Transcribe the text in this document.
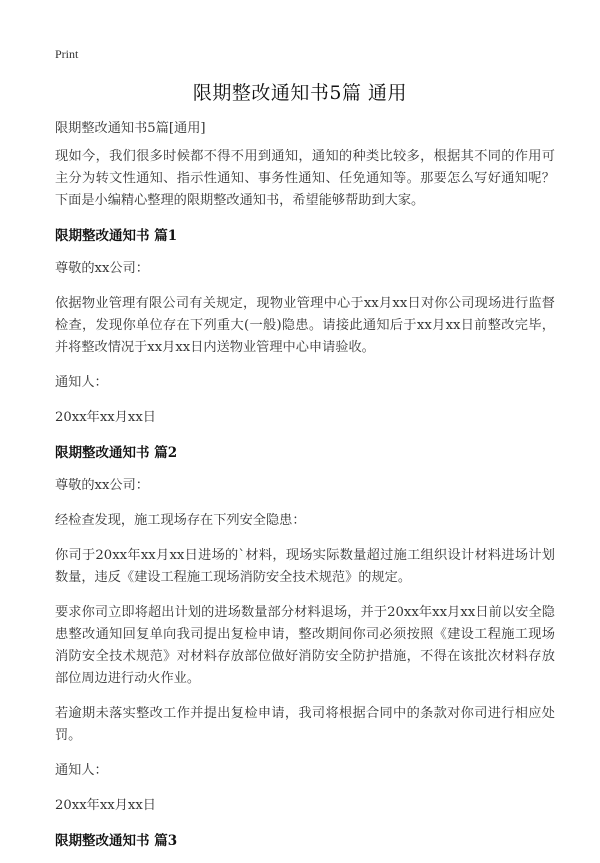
Print
限期整改通知书5篇 通用

限期整改通知书5篇[通用]

现如今，我们很多时候都不得不用到通知，通知的种类比较多，根据其不同的作用可主分为转文性通知、指示性通知、事务性通知、任免通知等。那要怎么写好通知呢？下面是小编精心整理的限期整改通知书，希望能够帮助到大家。

限期整改通知书 篇1

尊敬的xx公司：

依据物业管理有限公司有关规定，现物业管理中心于xx月xx日对你公司现场进行监督检查，发现你单位存在下列重大(一般)隐患。请接此通知后于xx月xx日前整改完毕，并将整改情况于xx月xx日内送物业管理中心申请验收。

通知人：

20xx年xx月xx日

限期整改通知书 篇2

尊敬的xx公司：

经检查发现，施工现场存在下列安全隐患：

你司于20xx年xx月xx日进场的`材料，现场实际数量超过施工组织设计材料进场计划数量，违反《建设工程施工现场消防安全技术规范》的规定。

要求你司立即将超出计划的进场数量部分材料退场，并于20xx年xx月xx日前以安全隐患整改通知回复单向我司提出复检申请，整改期间你司必须按照《建设工程施工现场消防安全技术规范》对材料存放部位做好消防安全防护措施，不得在该批次材料存放部位周边进行动火作业。

若逾期未落实整改工作并提出复检申请，我司将根据合同中的条款对你司进行相应处罚。

通知人：

20xx年xx月xx日

限期整改通知书 篇3
